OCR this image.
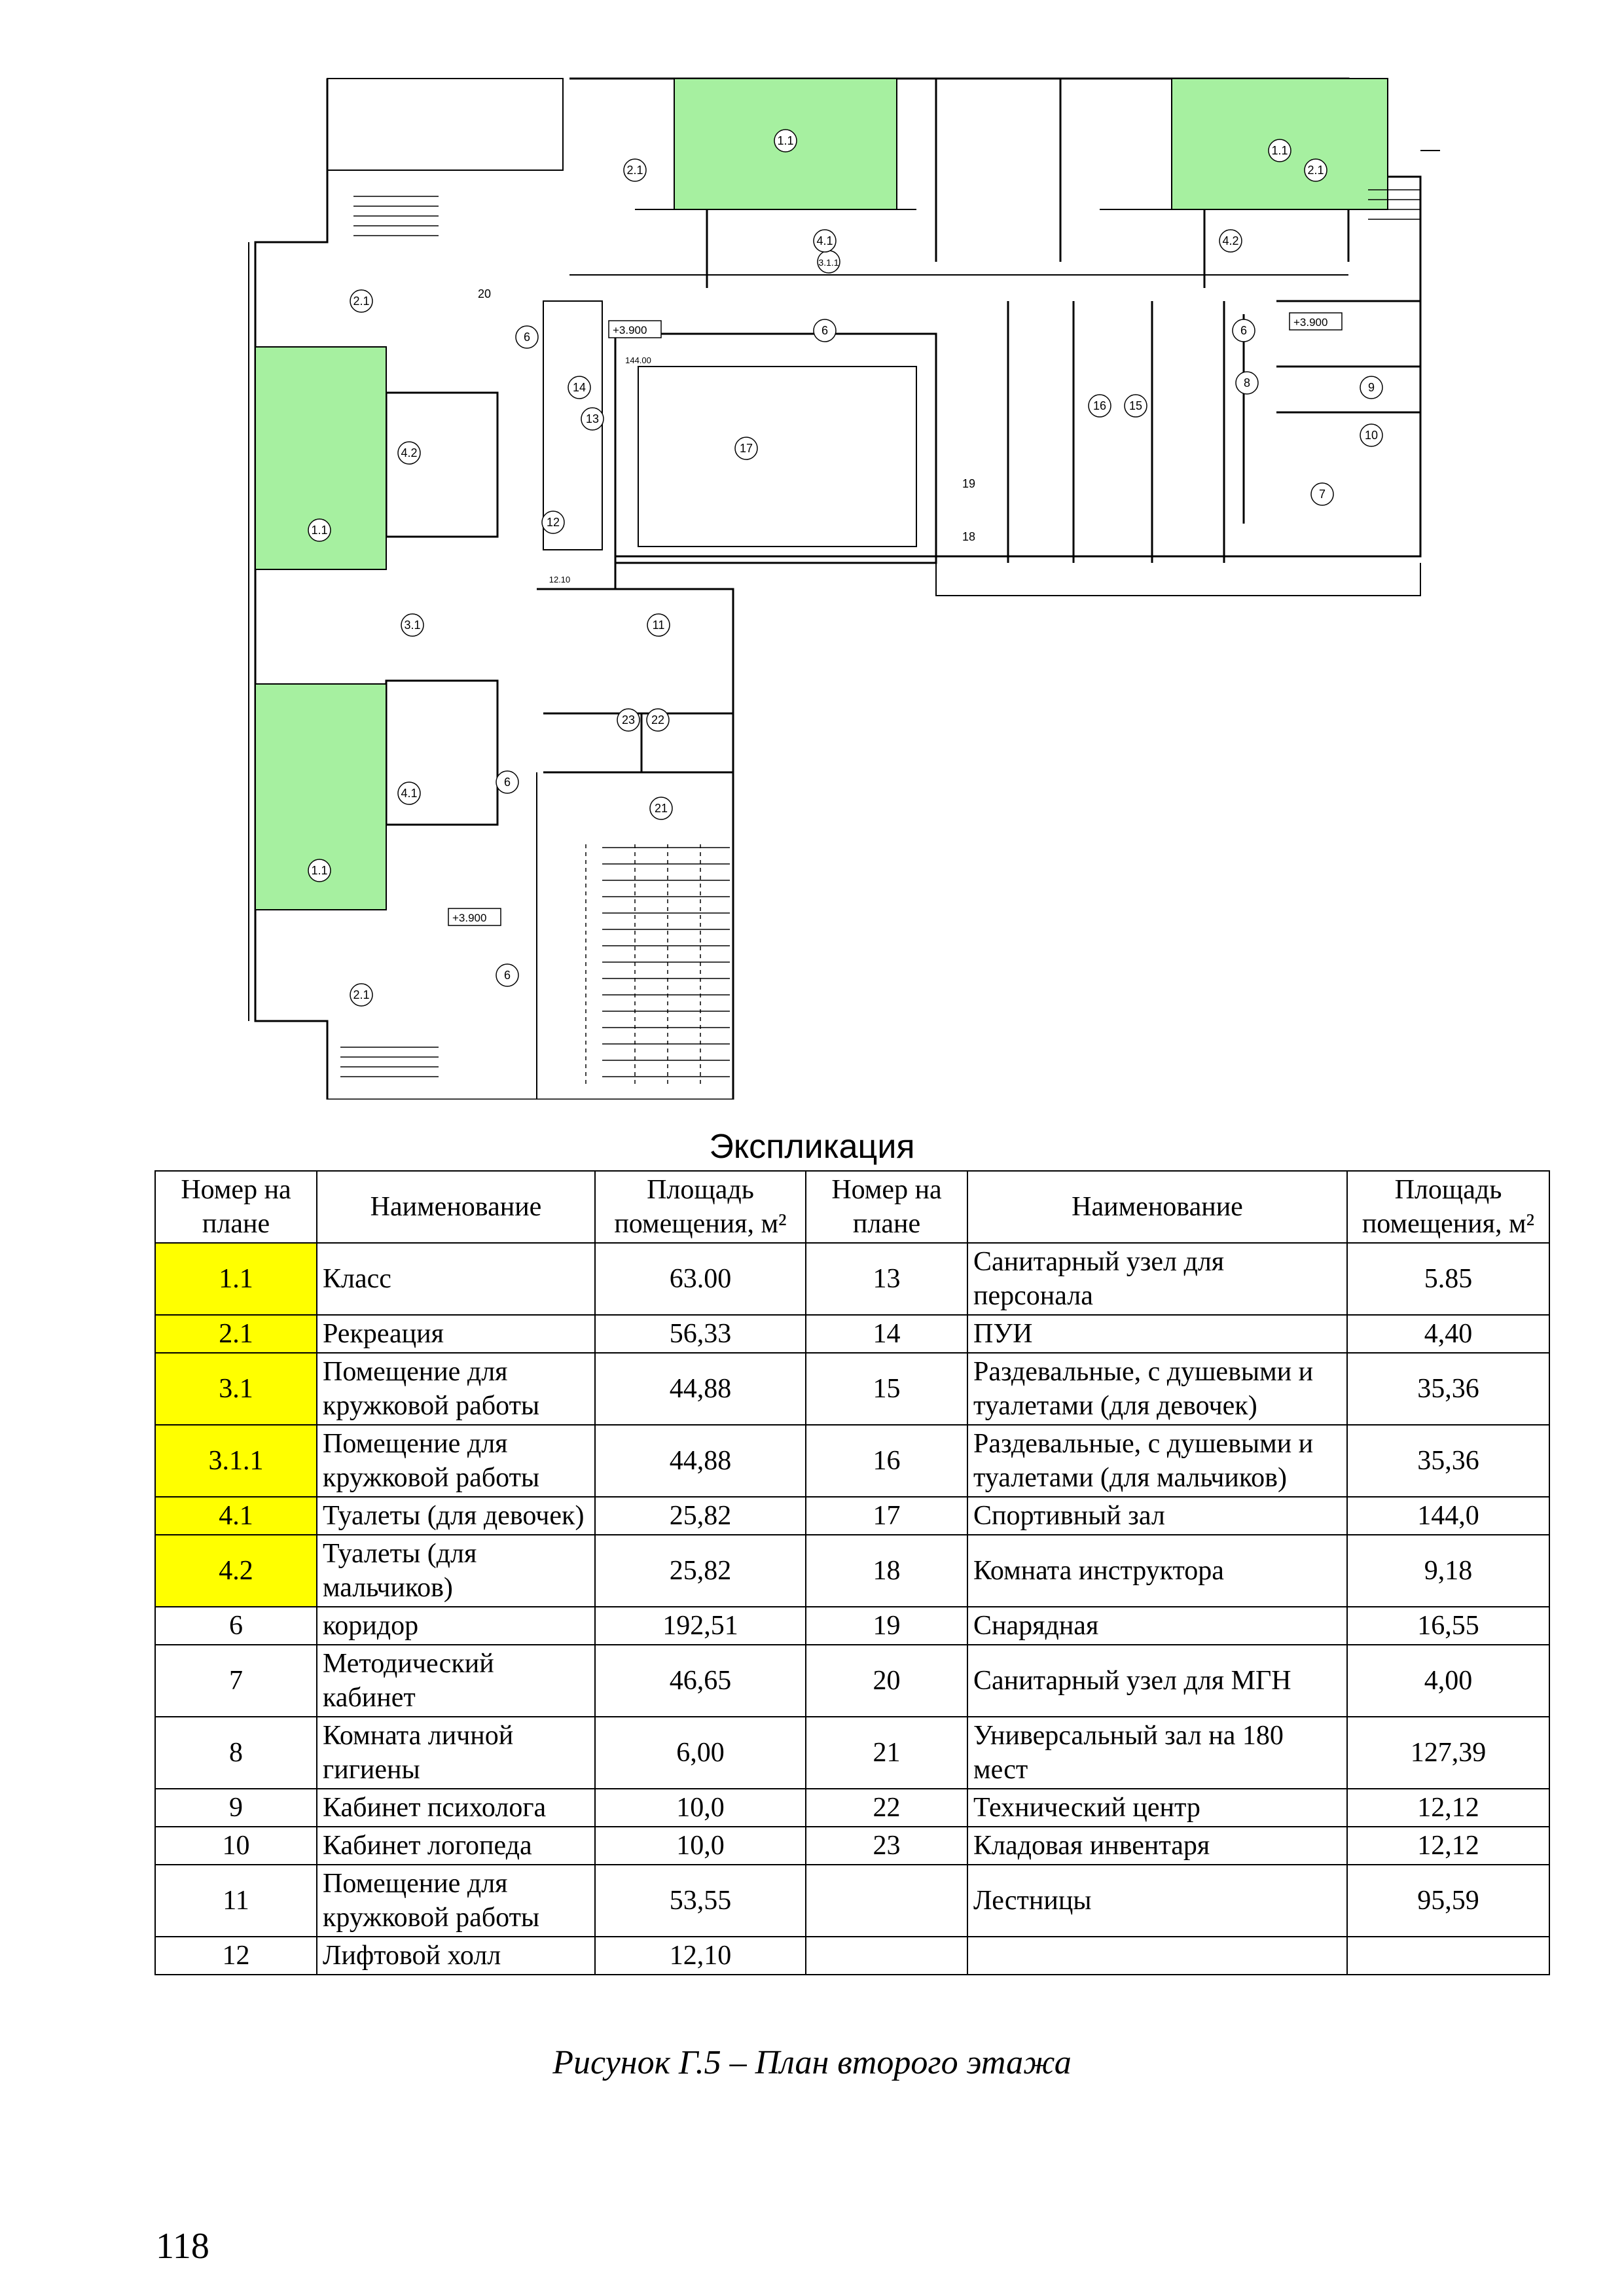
1.1
1.1
1.1
1.1
2.1	2.1
2.1
2.1
3.1
3.1.1
4.1
4.1
4.2
4.2
6	6	6
6
6
7
8	9
10
11
12
13
14
15
16
17
18
19
20
22
21
23
12.10
144.00
+3.900
+3.900
+3.900
Экспликация
Номер на плане	Наименование	Площадь помещения, м²	Номер на плане	Наименование	Площадь помещения, м²
1.1	Класс	63.00	13	Санитарный узел для персонала	5.85
2.1	Рекреация	56,33	14	ПУИ	4,40
3.1	Помещение для кружковой работы	44,88	15	Раздевальные, с душевыми и туалетами (для девочек)	35,36
3.1.1	Помещение для кружковой работы	44,88	16	Раздевальные, с душевыми и туалетами (для мальчиков)	35,36
4.1	Туалеты (для девочек)	25,82	17	Спортивный зал	144,0
4.2	Туалеты (для мальчиков)	25,82	18	Комната инструктора	9,18
6	коридор	192,51	19	Снарядная	16,55
7	Методический кабинет	46,65	20	Санитарный узел для МГН	4,00
8	Комната личной гигиены	6,00	21	Универсальный зал на 180 мест	127,39
9	Кабинет психолога	10,0	22	Технический центр	12,12
10	Кабинет логопеда	10,0	23	Кладовая инвентаря	12,12
11	Помещение для кружковой работы	53,55		Лестницы	95,59
12	Лифтовой холл	12,10			
Рисунок Г.5 – План второго этажа
118
